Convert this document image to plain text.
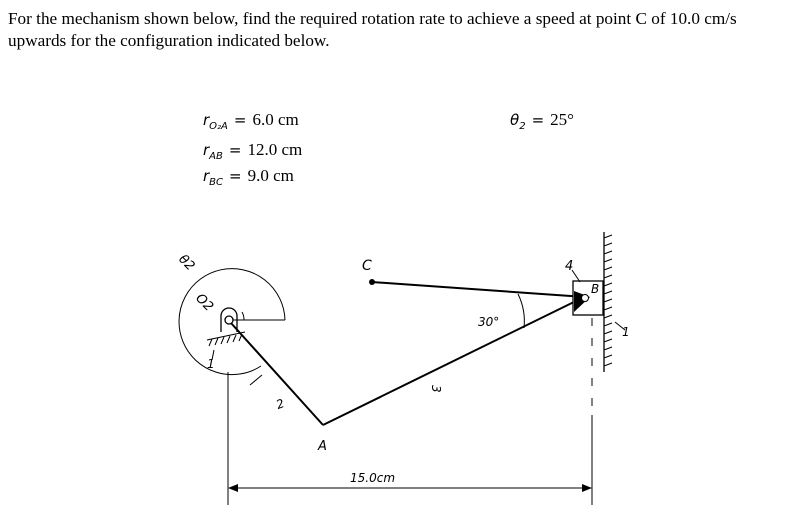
For the mechanism shown below, find the required rotation rate to achieve a speed at point C of 10.0 cm/s upwards for the configuration indicated below.

$r_{O_2A} = 6.0$ cm
$r_{AB} = 12.0$ cm
$r_{BC} = 9.0$ cm
$\theta_2 = 25^\circ$
θ2
O2
1
2
A
C
3
30°
4
B
1
15.0cm
